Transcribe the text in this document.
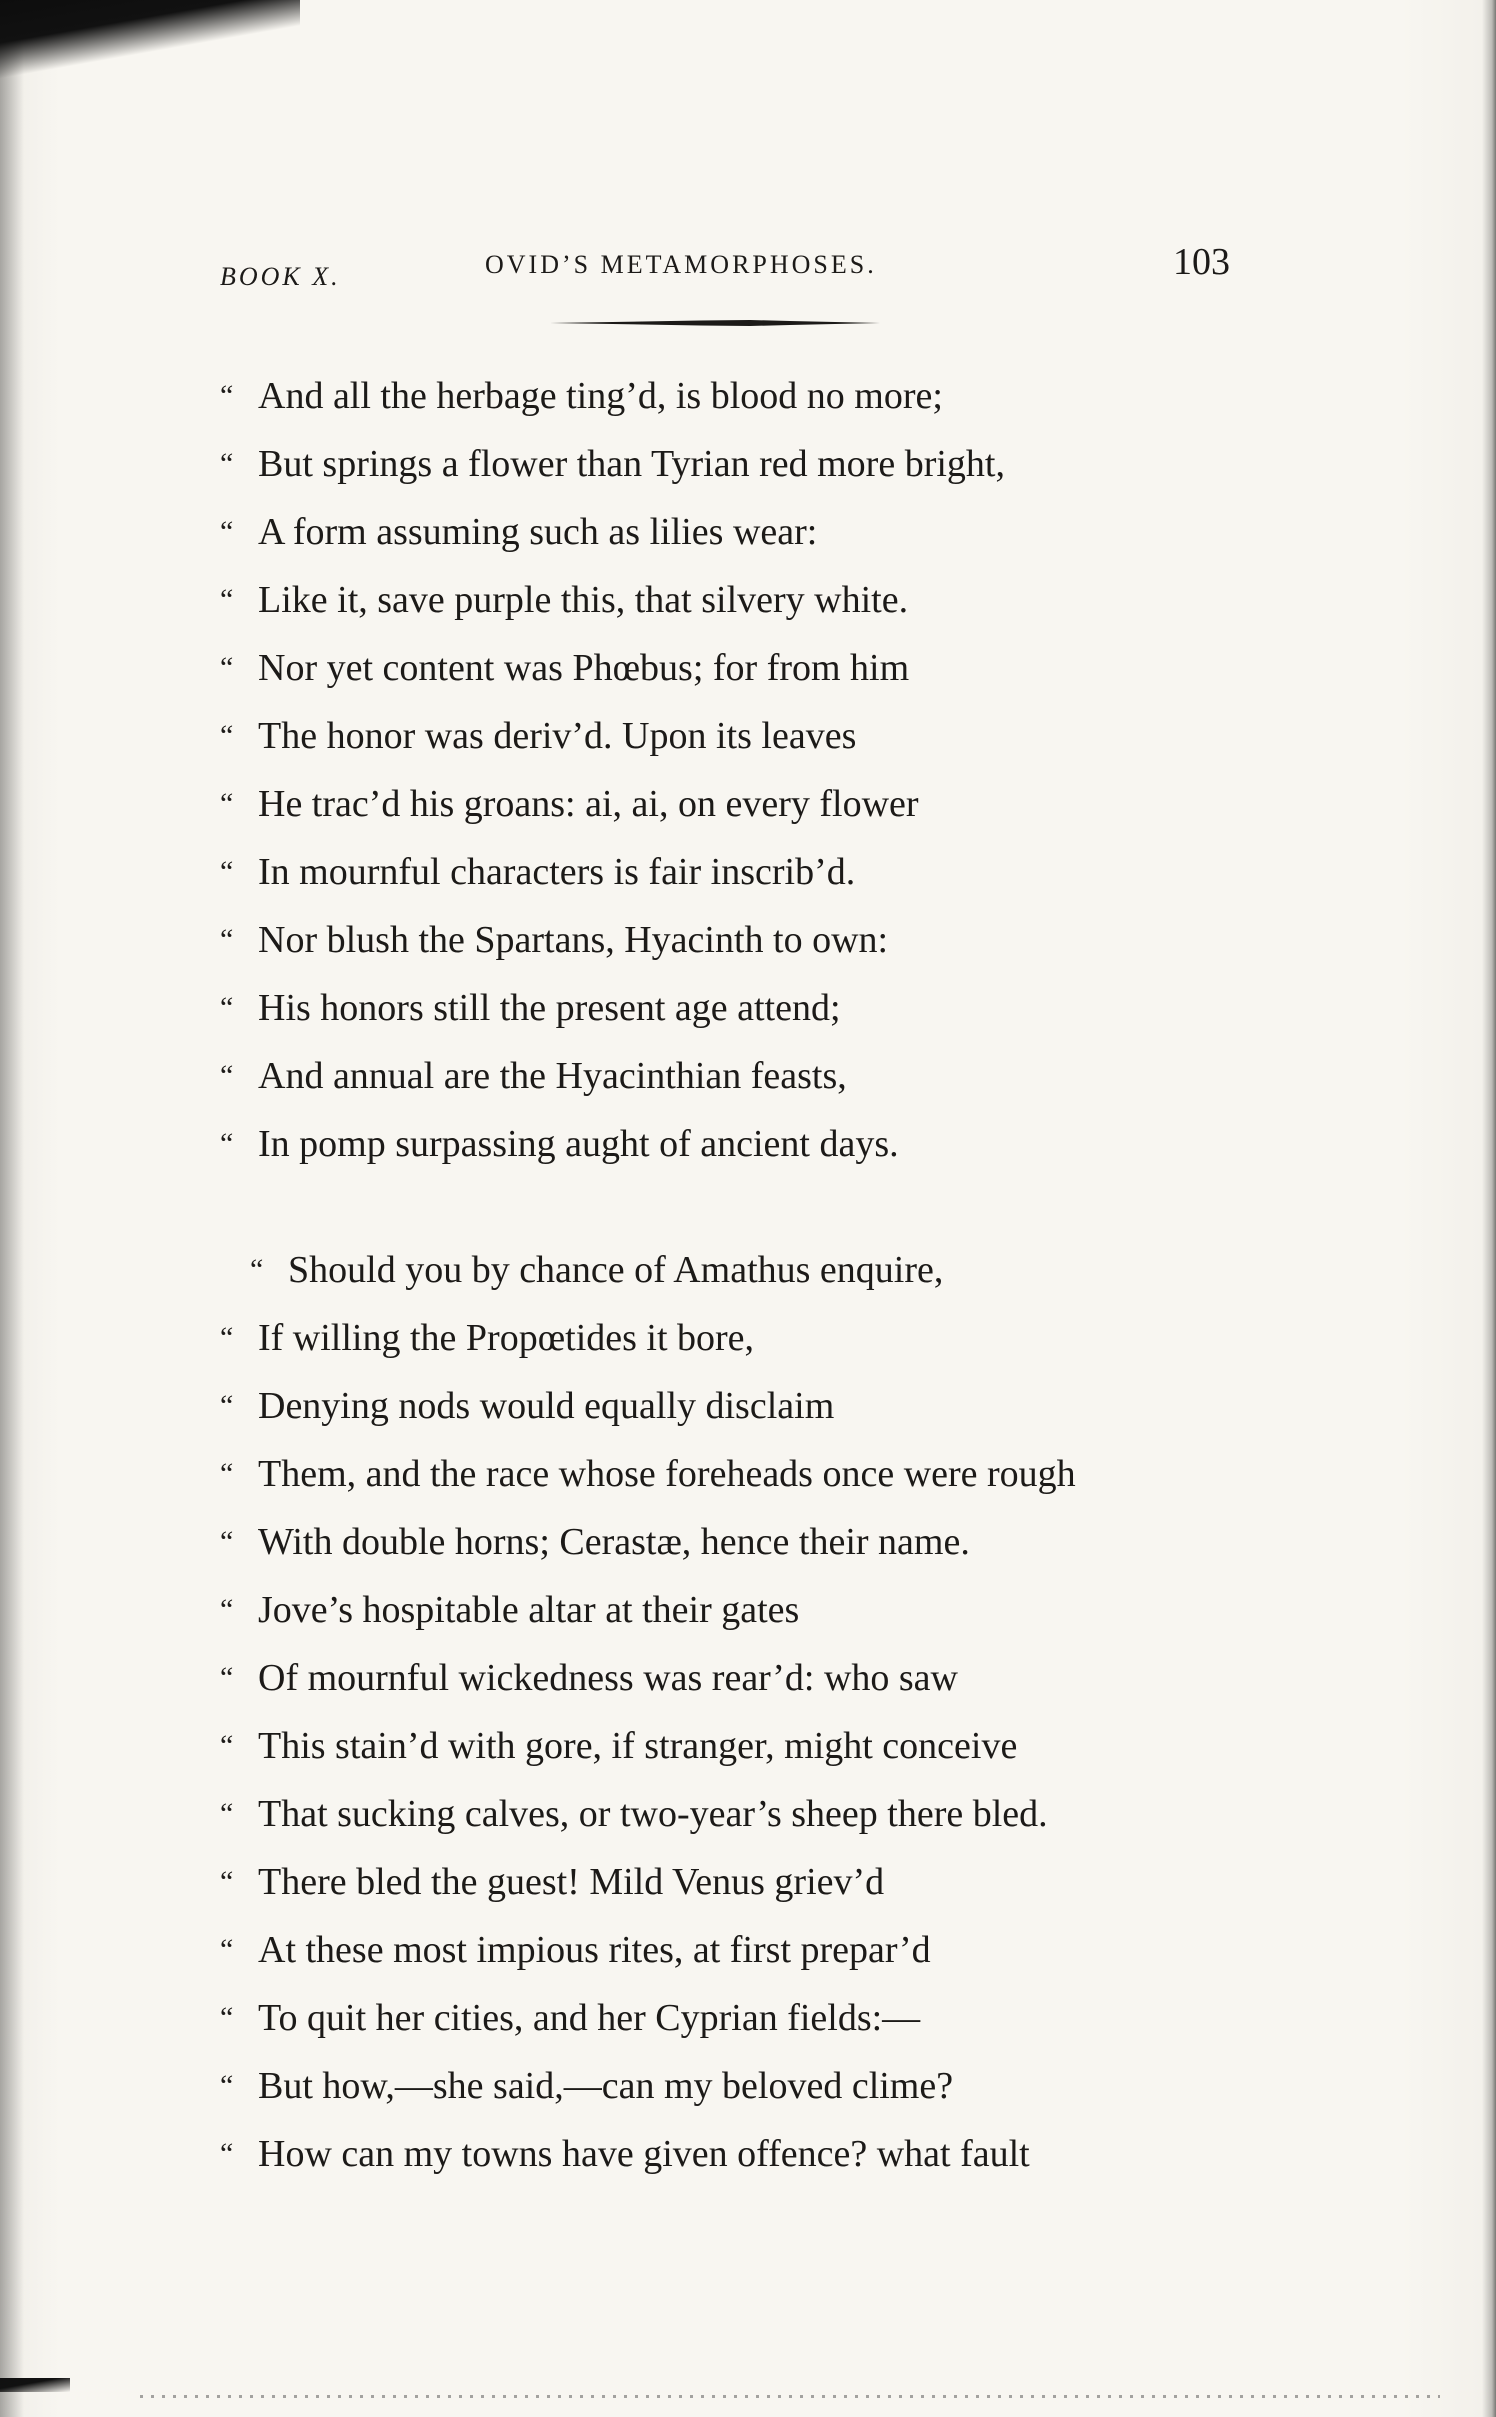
BOOK X.	OVID’S METAMORPHOSES.	103
“ And all the herbage ting’d, is blood no more;
“ But springs a flower than Tyrian red more bright,
“ A form assuming such as lilies wear:
“ Like it, save purple this, that silvery white.
“ Nor yet content was Phœbus; for from him
“ The honor was deriv’d. Upon its leaves
“ He trac’d his groans: ai, ai, on every flower
“ In mournful characters is fair inscrib’d.
“ Nor blush the Spartans, Hyacinth to own:
“ His honors still the present age attend;
“ And annual are the Hyacinthian feasts,
“ In pomp surpassing aught of ancient days.
“ Should you by chance of Amathus enquire,
“ If willing the Propœtides it bore,
“ Denying nods would equally disclaim
“ Them, and the race whose foreheads once were rough
“ With double horns; Cerastæ, hence their name.
“ Jove’s hospitable altar at their gates
“ Of mournful wickedness was rear’d: who saw
“ This stain’d with gore, if stranger, might conceive
“ That sucking calves, or two-year’s sheep there bled.
“ There bled the guest! Mild Venus griev’d
“ At these most impious rites, at first prepar’d
“ To quit her cities, and her Cyprian fields:—
“ But how,—she said,—can my beloved clime?
“ How can my towns have given offence? what fault
